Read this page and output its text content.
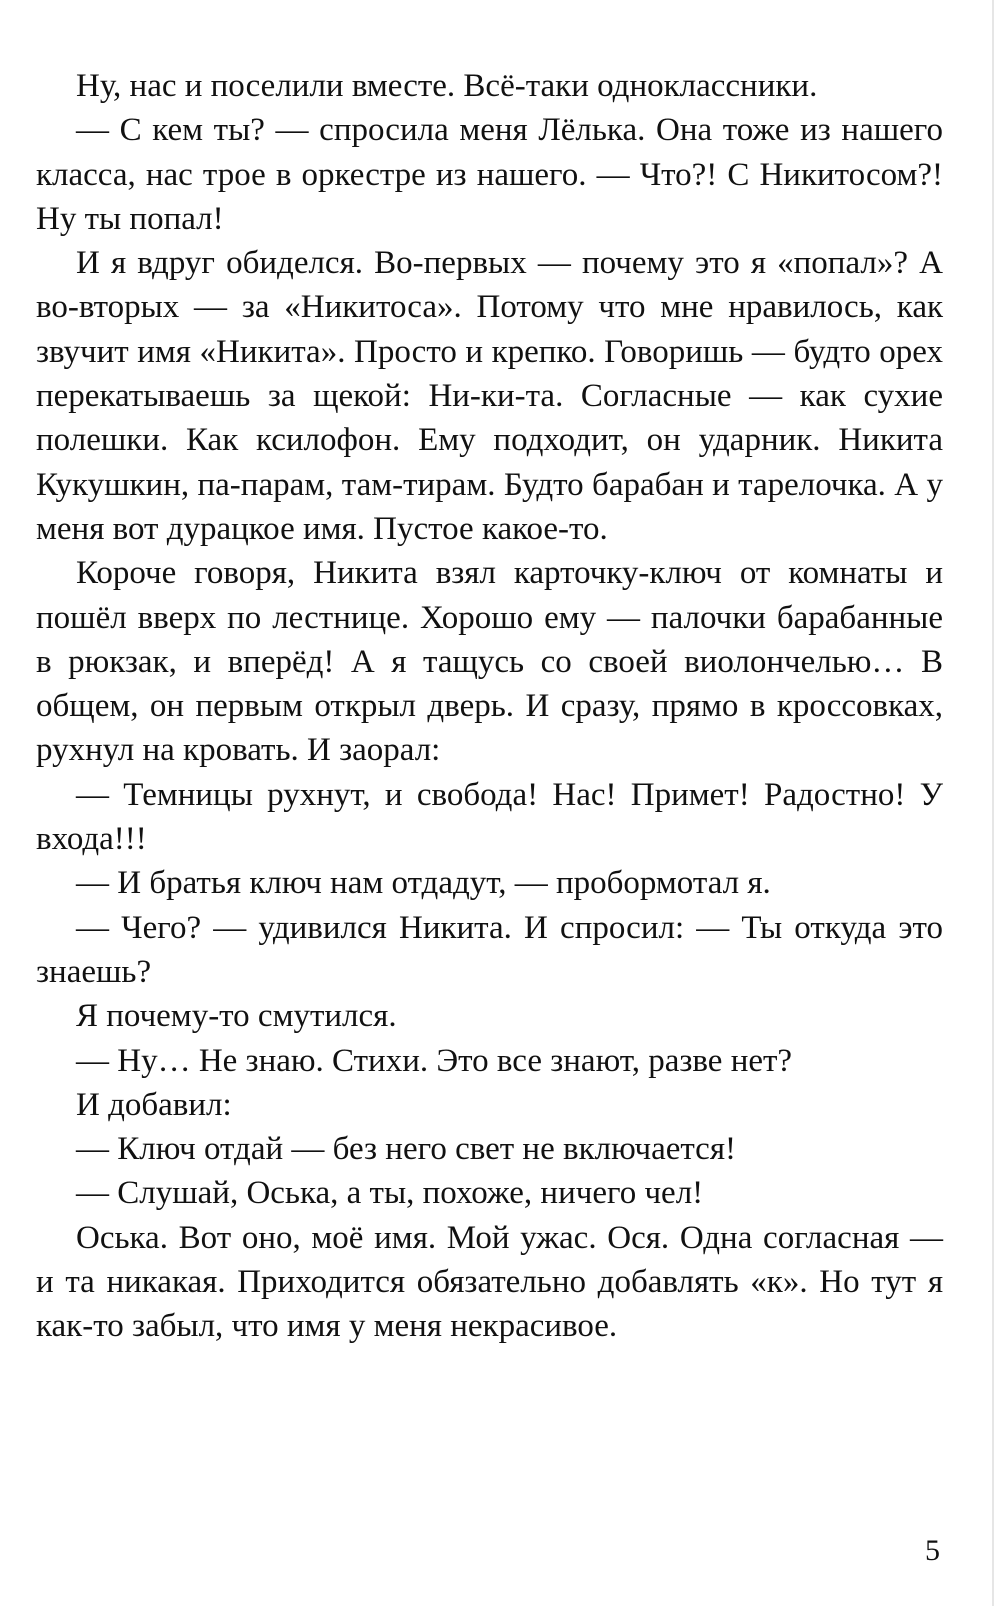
Ну, нас и поселили вместе. Всё-таки одноклассники.

— С кем ты? — спросила меня Лёлька. Она тоже из нашего класса, нас трое в оркестре из нашего. — Что?! С Никитосом?! Ну ты попал!

И я вдруг обиделся. Во-первых — почему это я «попал»? А во-вторых — за «Никитоса». Потому что мне нравилось, как звучит имя «Никита». Просто и крепко. Говоришь — будто орех перекатываешь за щекой: Ни-ки-та. Согласные — как сухие полешки. Как ксилофон. Ему подходит, он ударник. Никита Кукушкин, па-парам, там-тирам. Будто барабан и тарелочка. А у меня вот дурацкое имя. Пустое какое-то.

Короче говоря, Никита взял карточку-ключ от комнаты и пошёл вверх по лестнице. Хорошо ему — палочки барабанные в рюкзак, и вперёд! А я тащусь со своей виолончелью… В общем, он первым открыл дверь. И сразу, прямо в кроссовках, рухнул на кровать. И заорал:

— Темницы рухнут, и свобода! Нас! Примет! Радостно! У входа!!!

— И братья ключ нам отдадут, — пробормотал я.

— Чего? — удивился Никита. И спросил: — Ты откуда это знаешь?

Я почему-то смутился.

— Ну… Не знаю. Стихи. Это все знают, разве нет?

И добавил:

— Ключ отдай — без него свет не включается!

— Слушай, Оська, а ты, похоже, ничего чел!

Оська. Вот оно, моё имя. Мой ужас. Ося. Одна согласная — и та никакая. Приходится обязательно добавлять «к». Но тут я как-то забыл, что имя у меня некрасивое.

5
